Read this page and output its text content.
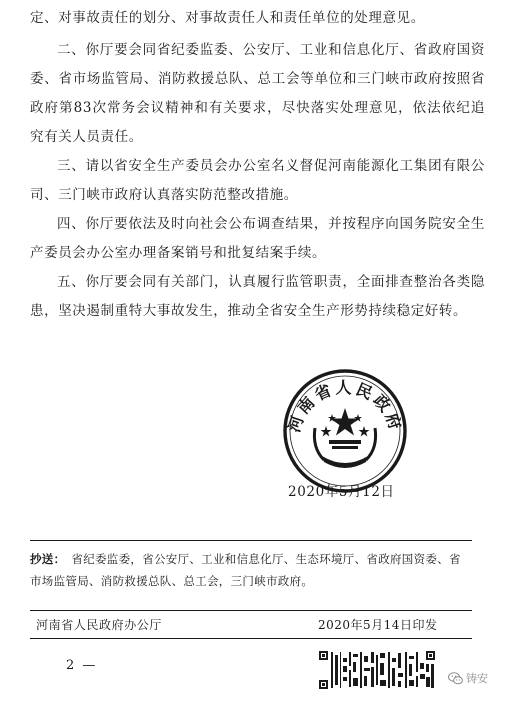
定、对事故责任的划分、对事故责任人和责任单位的处理意见。

二、你厅要会同省纪委监委、公安厅、工业和信息化厅、省政府国资委、省市场监管局、消防救援总队、总工会等单位和三门峡市政府按照省政府第83次常务会议精神和有关要求，尽快落实处理意见，依法依纪追究有关人员责任。

三、请以省安全生产委员会办公室名义督促河南能源化工集团有限公司、三门峡市政府认真落实防范整改措施。

四、你厅要依法及时向社会公布调查结果，并按程序向国务院安全生产委员会办公室办理备案销号和批复结案手续。

五、你厅要会同有关部门，认真履行监管职责，全面排查整治各类隐患，坚决遏制重特大事故发生，推动全省安全生产形势持续稳定好转。

河南省人民政府
2020年5月12日
抄送： 省纪委监委，省公安厅、工业和信息化厅、生态环境厅、省政府国资委、省市场监管局、消防救援总队、总工会，三门峡市政府。
河南省人民政府办公厅	2020年5月14日印发
2 —
铸安
